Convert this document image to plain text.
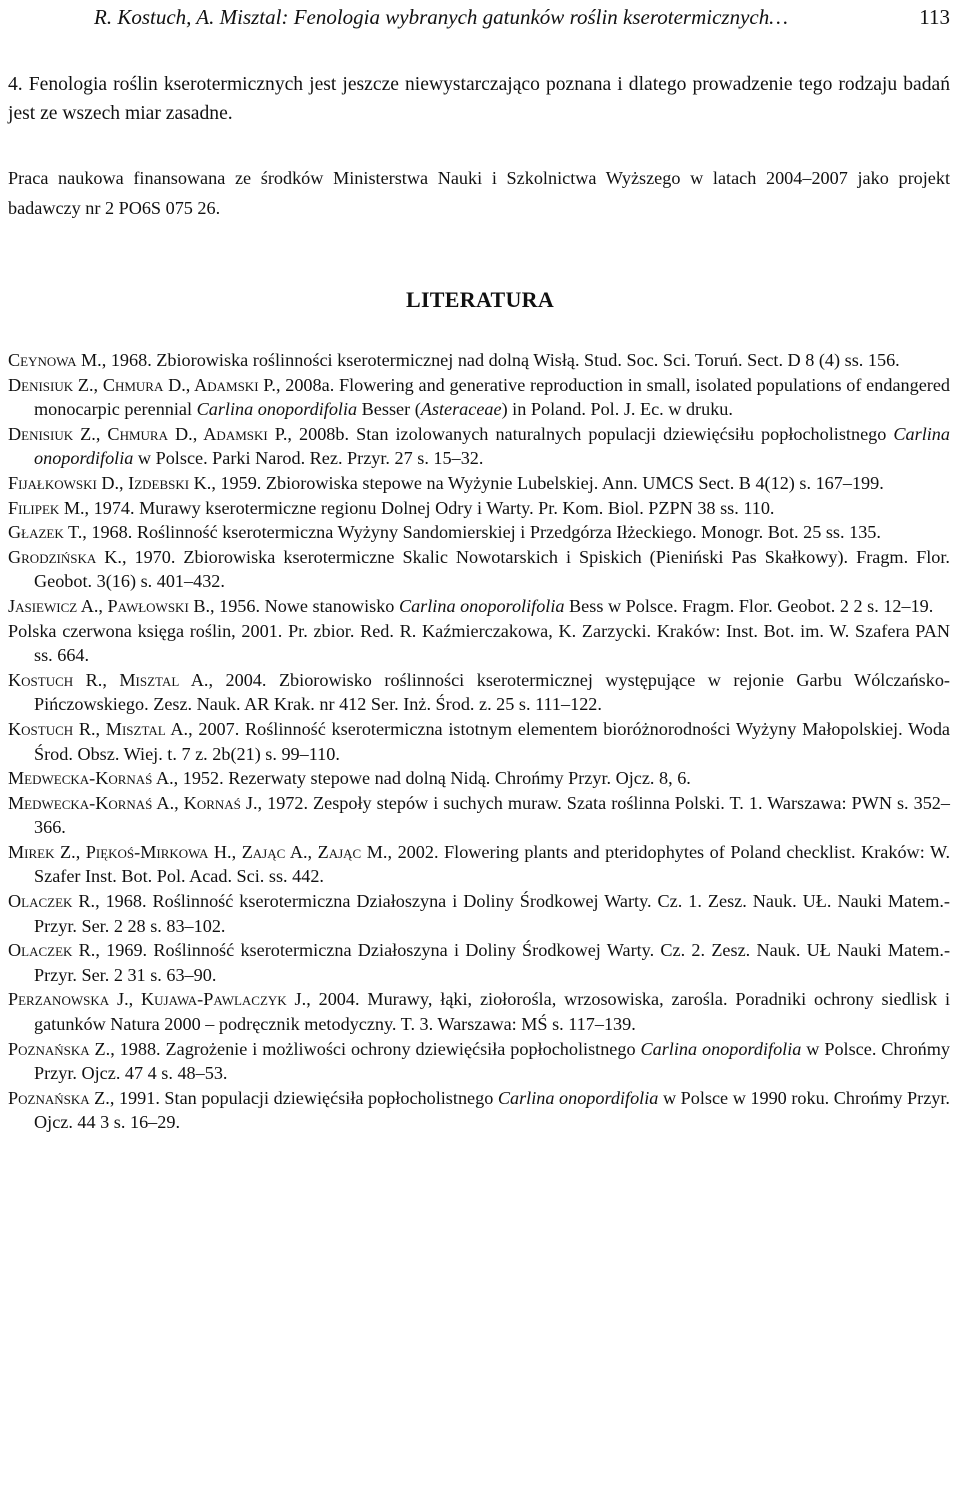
R. Kostuch, A. Misztal: Fenologia wybranych gatunków roślin kserotermicznych…	113

4. Fenologia roślin kserotermicznych jest jeszcze niewystarczająco poznana i dlatego prowadzenie tego rodzaju badań jest ze wszech miar zasadne.

Praca naukowa finansowana ze środków Ministerstwa Nauki i Szkolnictwa Wyższego w latach 2004–2007 jako projekt badawczy nr 2 PO6S 075 26.

LITERATURA

Ceynowa M., 1968. Zbiorowiska roślinności kserotermicznej nad dolną Wisłą. Stud. Soc. Sci. Toruń. Sect. D 8 (4) ss. 156.

Denisiuk Z., Chmura D., Adamski P., 2008a. Flowering and generative reproduction in small, isolated populations of endangered monocarpic perennial Carlina onopordifolia Besser (Asteraceae) in Poland. Pol. J. Ec. w druku.

Denisiuk Z., Chmura D., Adamski P., 2008b. Stan izolowanych naturalnych populacji dziewięćsiłu popłocholistnego Carlina onopordifolia w Polsce. Parki Narod. Rez. Przyr. 27 s. 15–32.

Fijałkowski D., Izdebski K., 1959. Zbiorowiska stepowe na Wyżynie Lubelskiej. Ann. UMCS Sect. B 4(12) s. 167–199.

Filipek M., 1974. Murawy kserotermiczne regionu Dolnej Odry i Warty. Pr. Kom. Biol. PZPN 38 ss. 110.

Głazek T., 1968. Roślinność kserotermiczna Wyżyny Sandomierskiej i Przedgórza Iłżeckiego. Monogr. Bot. 25 ss. 135.

Grodzińska K., 1970. Zbiorowiska kserotermiczne Skalic Nowotarskich i Spiskich (Pieniński Pas Skałkowy). Fragm. Flor. Geobot. 3(16) s. 401–432.

Jasiewicz A., Pawłowski B., 1956. Nowe stanowisko Carlina onoporolifolia Bess w Polsce. Fragm. Flor. Geobot. 2 2 s. 12–19.

Polska czerwona księga roślin, 2001. Pr. zbior. Red. R. Kaźmierczakowa, K. Zarzycki. Kraków: Inst. Bot. im. W. Szafera PAN ss. 664.

Kostuch R., Misztal A., 2004. Zbiorowisko roślinności kserotermicznej występujące w rejonie Garbu Wólczańsko-Pińczowskiego. Zesz. Nauk. AR Krak. nr 412 Ser. Inż. Środ. z. 25 s. 111–122.

Kostuch R., Misztal A., 2007. Roślinność kserotermiczna istotnym elementem bioróżnorodności Wyżyny Małopolskiej. Woda Środ. Obsz. Wiej. t. 7 z. 2b(21) s. 99–110.

Medwecka-Kornaś A., 1952. Rezerwaty stepowe nad dolną Nidą. Chrońmy Przyr. Ojcz. 8, 6.

Medwecka-Kornaś A., Kornaś J., 1972. Zespoły stepów i suchych muraw. Szata roślinna Polski. T. 1. Warszawa: PWN s. 352–366.

Mirek Z., Piękoś-Mirkowa H., Zając A., Zając M., 2002. Flowering plants and pteridophytes of Poland checklist. Kraków: W. Szafer Inst. Bot. Pol. Acad. Sci. ss. 442.

Olaczek R., 1968. Roślinność kserotermiczna Działoszyna i Doliny Środkowej Warty. Cz. 1. Zesz. Nauk. UŁ. Nauki Matem.-Przyr. Ser. 2 28 s. 83–102.

Olaczek R., 1969. Roślinność kserotermiczna Działoszyna i Doliny Środkowej Warty. Cz. 2. Zesz. Nauk. UŁ Nauki Matem.-Przyr. Ser. 2 31 s. 63–90.

Perzanowska J., Kujawa-Pawlaczyk J., 2004. Murawy, łąki, ziołorośla, wrzosowiska, zarośla. Poradniki ochrony siedlisk i gatunków Natura 2000 – podręcznik metodyczny. T. 3. Warszawa: MŚ s. 117–139.

Poznańska Z., 1988. Zagrożenie i możliwości ochrony dziewięćsiła popłocholistnego Carlina onopordifolia w Polsce. Chrońmy Przyr. Ojcz. 47 4 s. 48–53.

Poznańska Z., 1991. Stan populacji dziewięćsiła popłocholistnego Carlina onopordifolia w Polsce w 1990 roku. Chrońmy Przyr. Ojcz. 44 3 s. 16–29.
